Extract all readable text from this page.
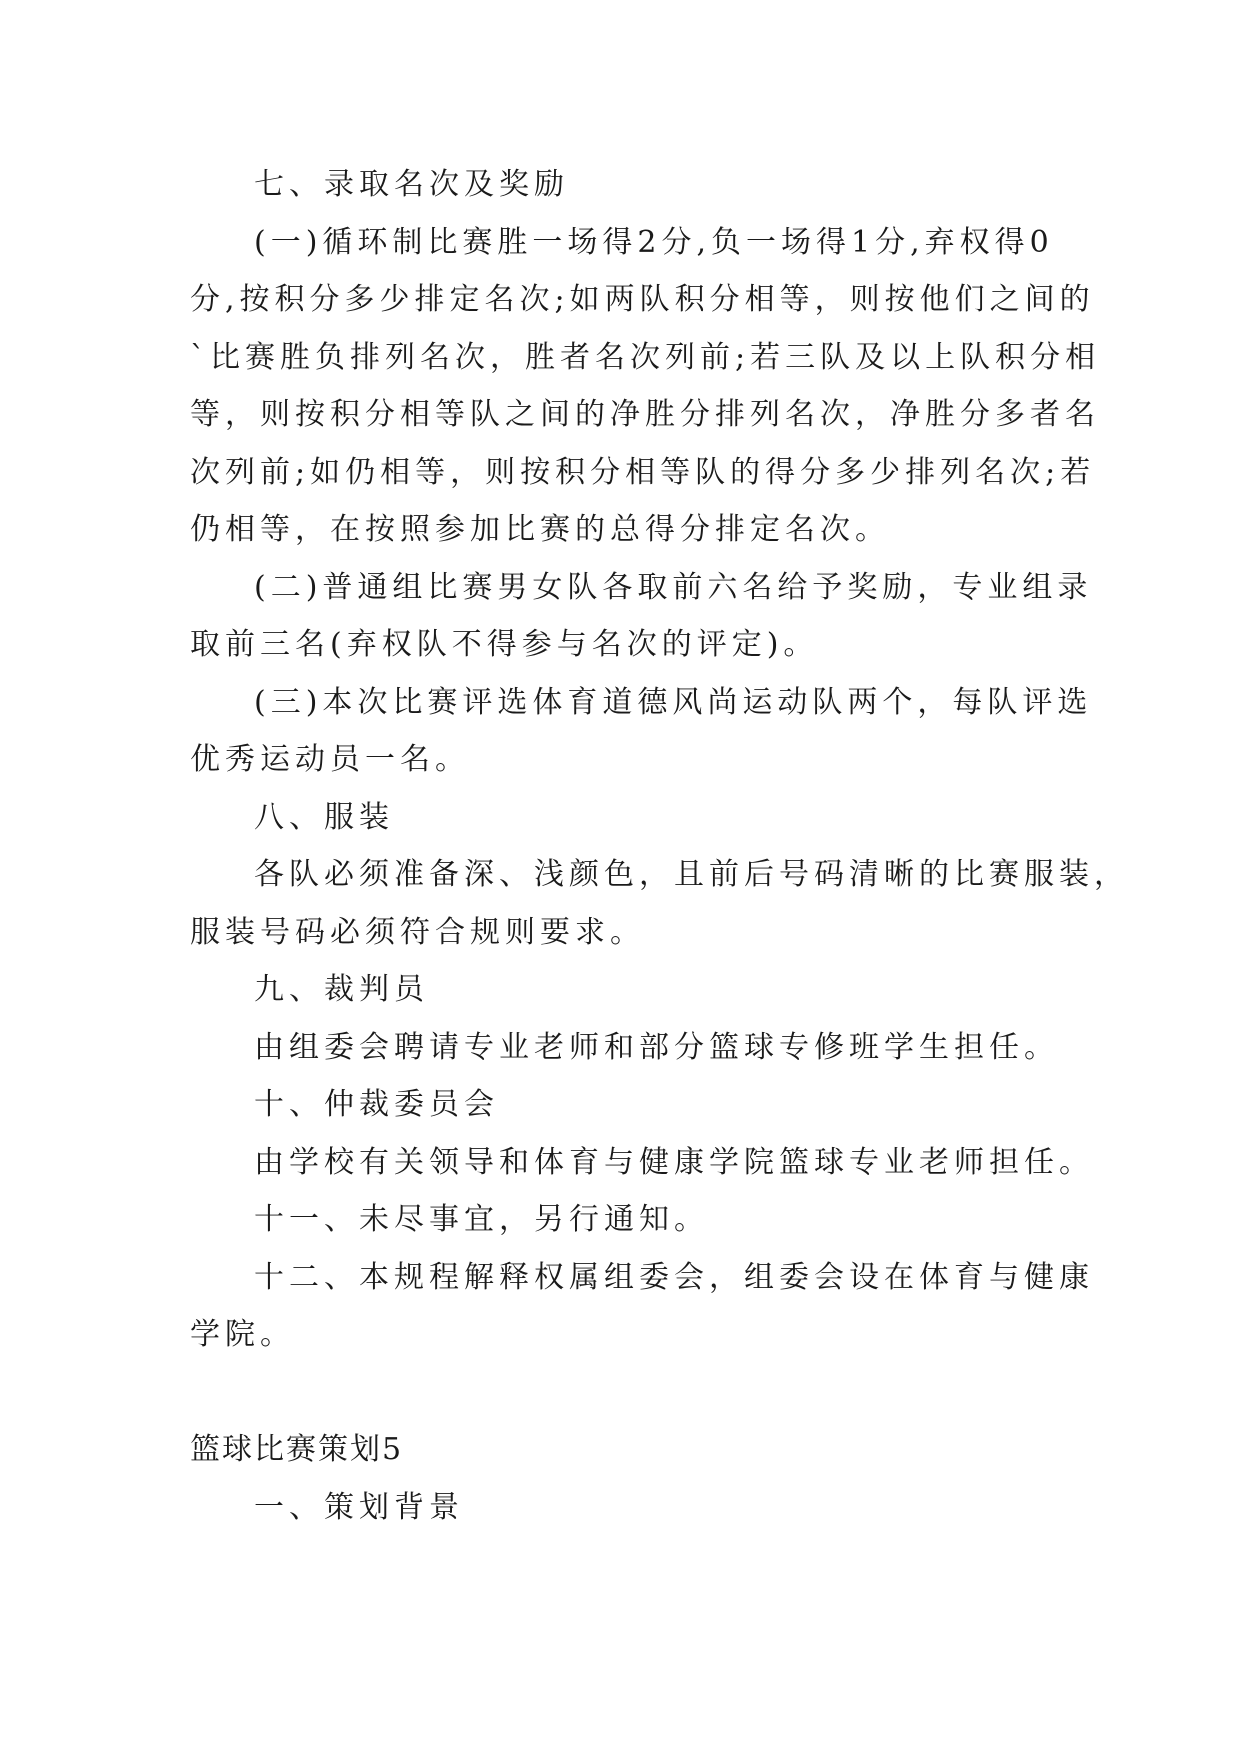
七、录取名次及奖励
(一)循环制比赛胜一场得2分,负一场得1分,弃权得0
分,按积分多少排定名次;如两队积分相等，则按他们之间的
`比赛胜负排列名次，胜者名次列前;若三队及以上队积分相
等，则按积分相等队之间的净胜分排列名次，净胜分多者名
次列前;如仍相等，则按积分相等队的得分多少排列名次;若
仍相等，在按照参加比赛的总得分排定名次。
(二)普通组比赛男女队各取前六名给予奖励，专业组录
取前三名(弃权队不得参与名次的评定)。
(三)本次比赛评选体育道德风尚运动队两个，每队评选
优秀运动员一名。
八、服装
各队必须准备深、浅颜色，且前后号码清晰的比赛服装，
服装号码必须符合规则要求。
九、裁判员
由组委会聘请专业老师和部分篮球专修班学生担任。
十、仲裁委员会
由学校有关领导和体育与健康学院篮球专业老师担任。
十一、未尽事宜，另行通知。
十二、本规程解释权属组委会，组委会设在体育与健康
学院。
篮球比赛策划5
一、策划背景
